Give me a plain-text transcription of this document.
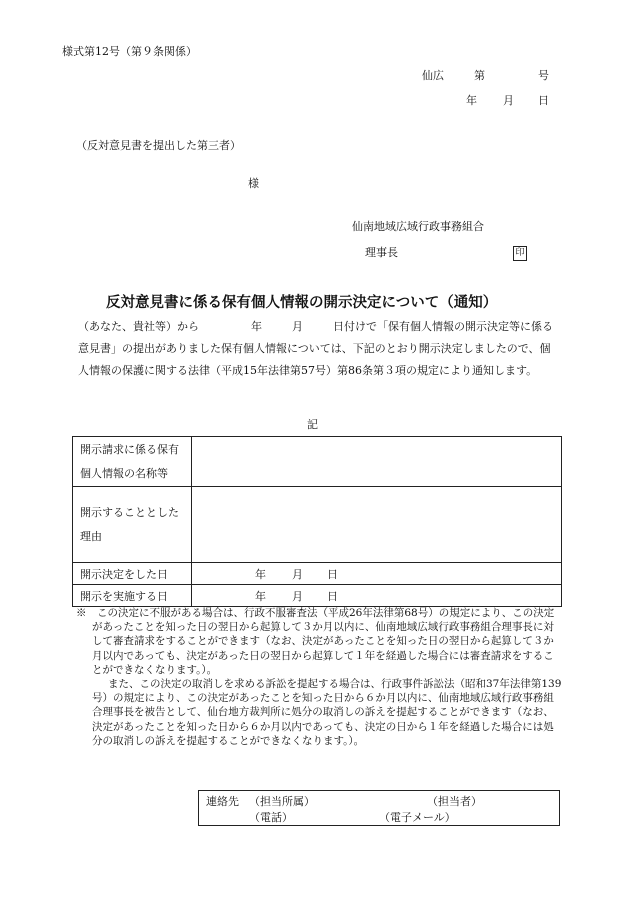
様式第12号（第９条関係）
仙広	第	号
年 月 日
（反対意見書を提出した第三者）
様
仙南地域広域行政事務組合
理事長	印
反対意見書に係る保有個人情報の開示決定について（通知）
（あなた、貴社等）から	年	月	日付けで「保有個人情報の開示決定等に係る意見書」の提出がありました保有個人情報については、下記のとおり開示決定しましたので、個人情報の保護に関する法律（平成15年法律第57号）第86条第３項の規定により通知します。
記
開示請求に係る保有
個人情報の名称等	

開示することとした
理由	

開示決定をした日	年 月 日
開示を実施する日	年 月 日

※　この決定に不服がある場合は、行政不服審査法（平成26年法律第68号）の規定により、この決定があったことを知った日の翌日から起算して３か月以内に、仙南地域広域行政事務組合理事長に対して審査請求をすることができます（なお、決定があったことを知った日の翌日から起算して３か月以内であっても、決定があった日の翌日から起算して１年を経過した場合には審査請求をすることができなくなります。）。

また、この決定の取消しを求める訴訟を提起する場合は、行政事件訴訟法（昭和37年法律第139号）の規定により、この決定があったことを知った日から６か月以内に、仙南地域広域行政事務組合理事長を被告として、仙台地方裁判所に処分の取消しの訴えを提起することができます（なお、決定があったことを知った日から６か月以内であっても、決定の日から１年を経過した場合には処分の取消しの訴えを提起することができなくなります。）。

連絡先 （担当所属）	（担当者）
（電話）	（電子メール）
